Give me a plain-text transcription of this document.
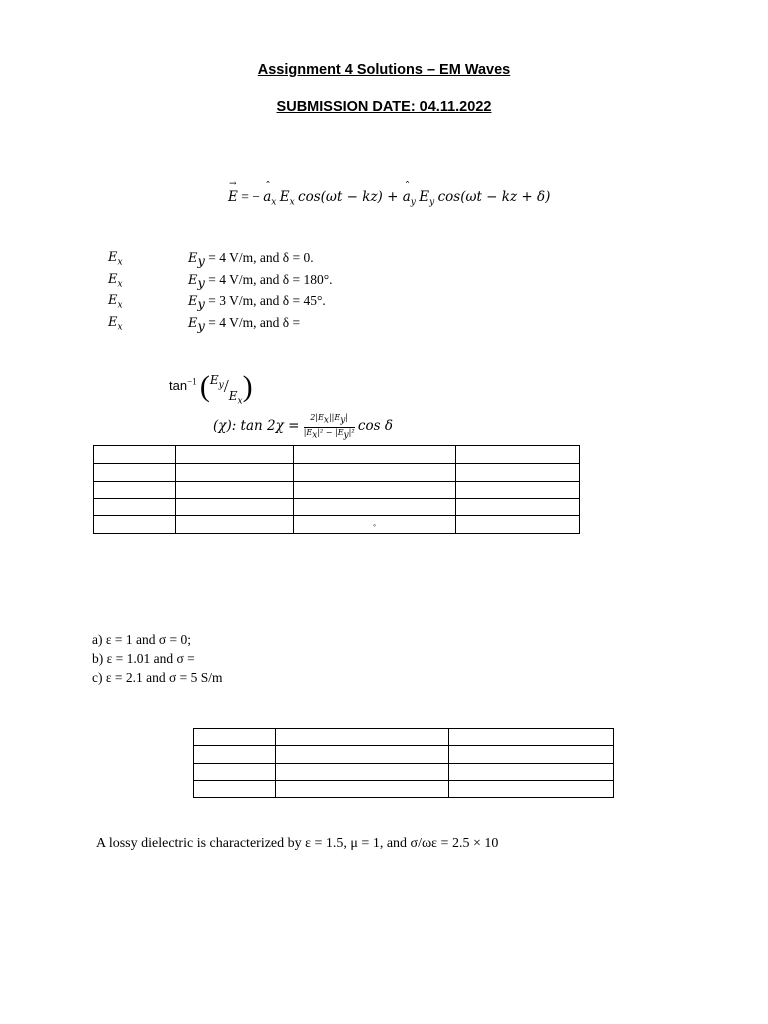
Assignment 4 Solutions – EM Waves
SUBMISSION DATE: 04.11.2022
→ E = − ˆ $a_x$ $E_x$ cos(ωt − kz) + ˆ $a_y$ $E_y$ cos(ωt − kz + δ)
$E_x$	$E_y = 4$ V/m, and δ = 0.
$E_x$	$E_y = 4$ V/m, and δ = 180°.
$E_x$	$E_y = 3$ V/m, and δ = 45°.
$E_x$	$E_y = 4$ V/m, and δ =
$\tan^{-1} (E_y/E_x)$
(χ): $\tan 2\chi = \frac{2|E_x||E_y|}{|E_x|^2 - |E_y|^2}$ cos δ

		◦	
a) ε = 1 and σ = 0;
b) ε = 1.01 and σ =
c) ε = 2.1 and σ = 5 S/m

A lossy dielectric is characterized by ε = 1.5, μ = 1, and σ/ωε = 2.5 × 10
